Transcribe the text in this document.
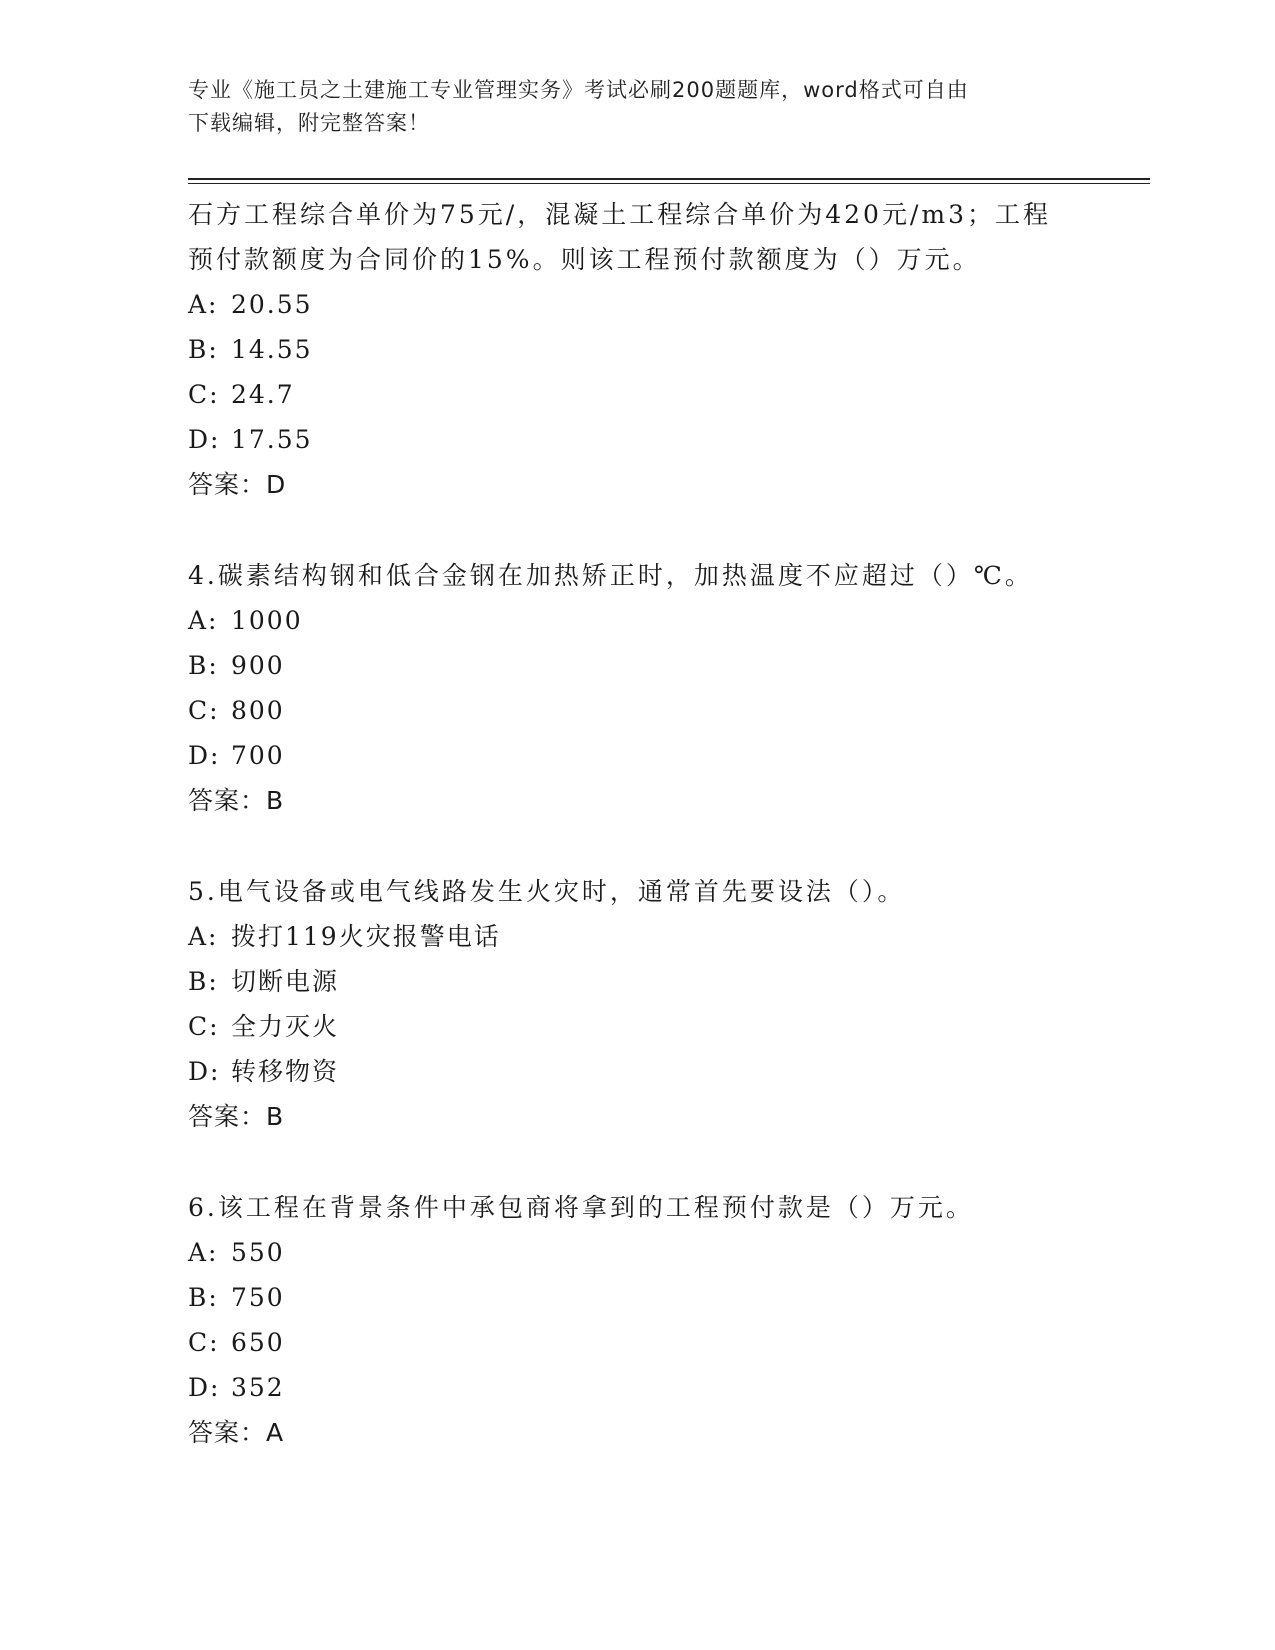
专业《施工员之土建施工专业管理实务》考试必刷200题题库，word格式可自由
下载编辑，附完整答案！

石方工程综合单价为75元/，混凝土工程综合单价为420元/m3；工程

预付款额度为合同价的15%。则该工程预付款额度为（）万元。

A: 20.55

B: 14.55

C: 24.7

D: 17.55

答案：D

4.碳素结构钢和低合金钢在加热矫正时，加热温度不应超过（）℃。

A: 1000

B: 900

C: 800

D: 700

答案：B

5.电气设备或电气线路发生火灾时，通常首先要设法（）。

A: 拨打119火灾报警电话

B: 切断电源

C: 全力灭火

D: 转移物资

答案：B

6.该工程在背景条件中承包商将拿到的工程预付款是（）万元。

A: 550

B: 750

C: 650

D: 352

答案：A
